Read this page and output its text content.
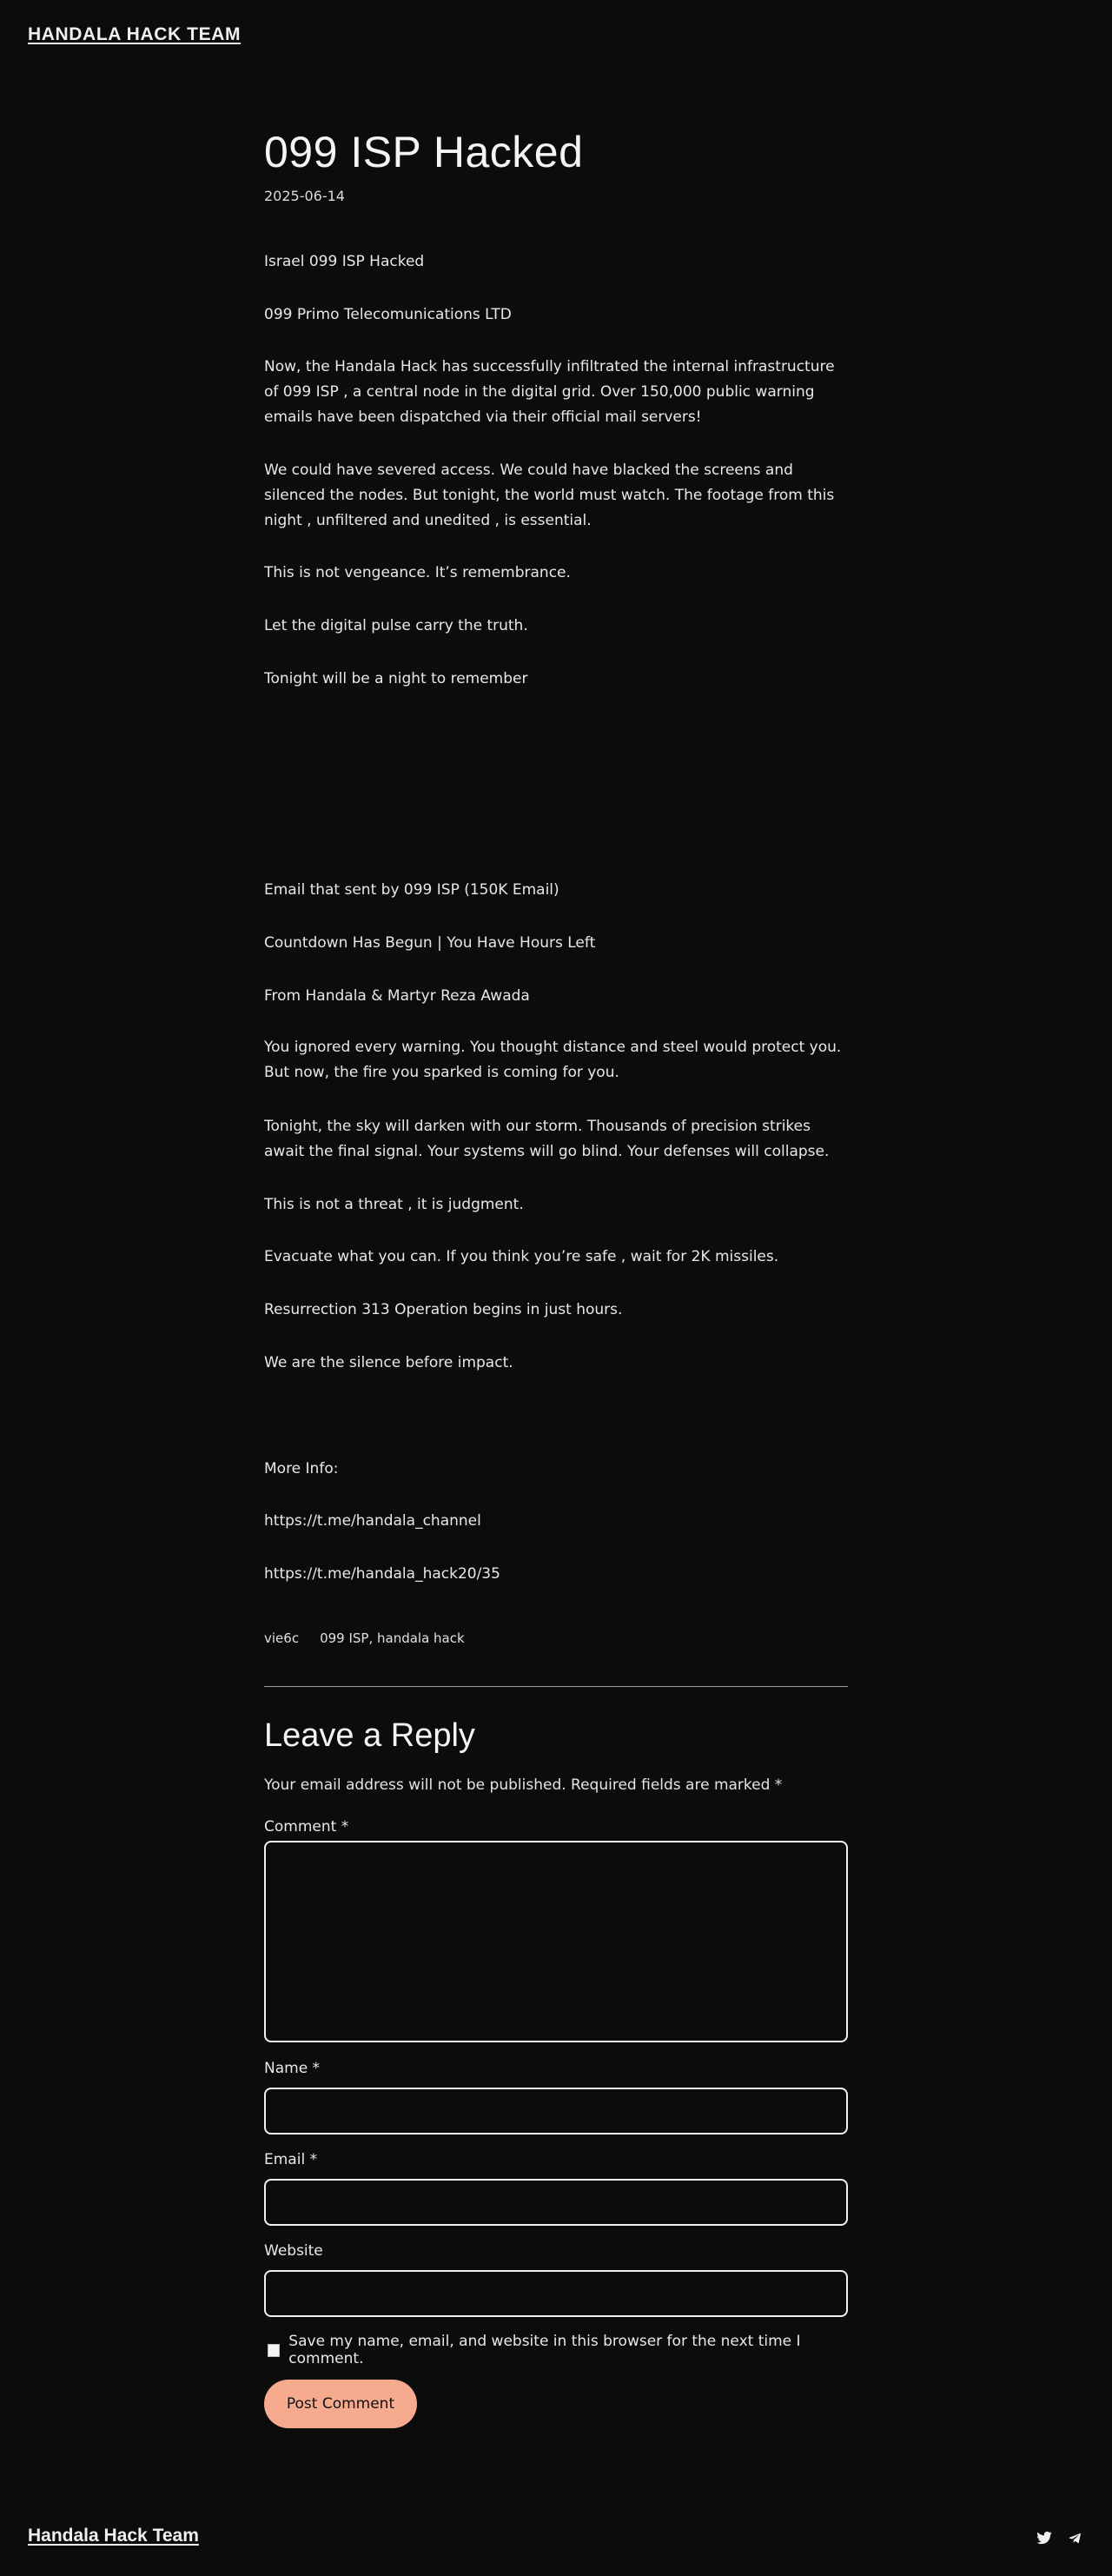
HANDALA HACK TEAM
099 ISP Hacked
2025-06-14

Israel 099 ISP Hacked

099 Primo Telecomunications LTD

Now, the Handala Hack has successfully infiltrated the internal infrastructure of 099 ISP , a central node in the digital grid. Over 150,000 public warning emails have been dispatched via their official mail servers!

We could have severed access. We could have blacked the screens and silenced the nodes. But tonight, the world must watch. The footage from this night , unfiltered and unedited , is essential.

This is not vengeance. It’s remembrance.

Let the digital pulse carry the truth.

Tonight will be a night to remember

Email that sent by 099 ISP (150K Email)

Countdown Has Begun | You Have Hours Left

From Handala & Martyr Reza Awada

You ignored every warning. You thought distance and steel would protect you. But now, the fire you sparked is coming for you.

Tonight, the sky will darken with our storm. Thousands of precision strikes await the final signal. Your systems will go blind. Your defenses will collapse.

This is not a threat , it is judgment.

Evacuate what you can. If you think you’re safe , wait for 2K missiles.

Resurrection 313 Operation begins in just hours.

We are the silence before impact.

More Info:

https://t.me/handala_channel

https://t.me/handala_hack20/35

vie6c 099 ISP, handala hack
Leave a Reply
Your email address will not be published. Required fields are marked *
Comment *
Name *
Email *
Website
Save my name, email, and website in this browser for the next time I comment.
Post Comment
Handala Hack Team
